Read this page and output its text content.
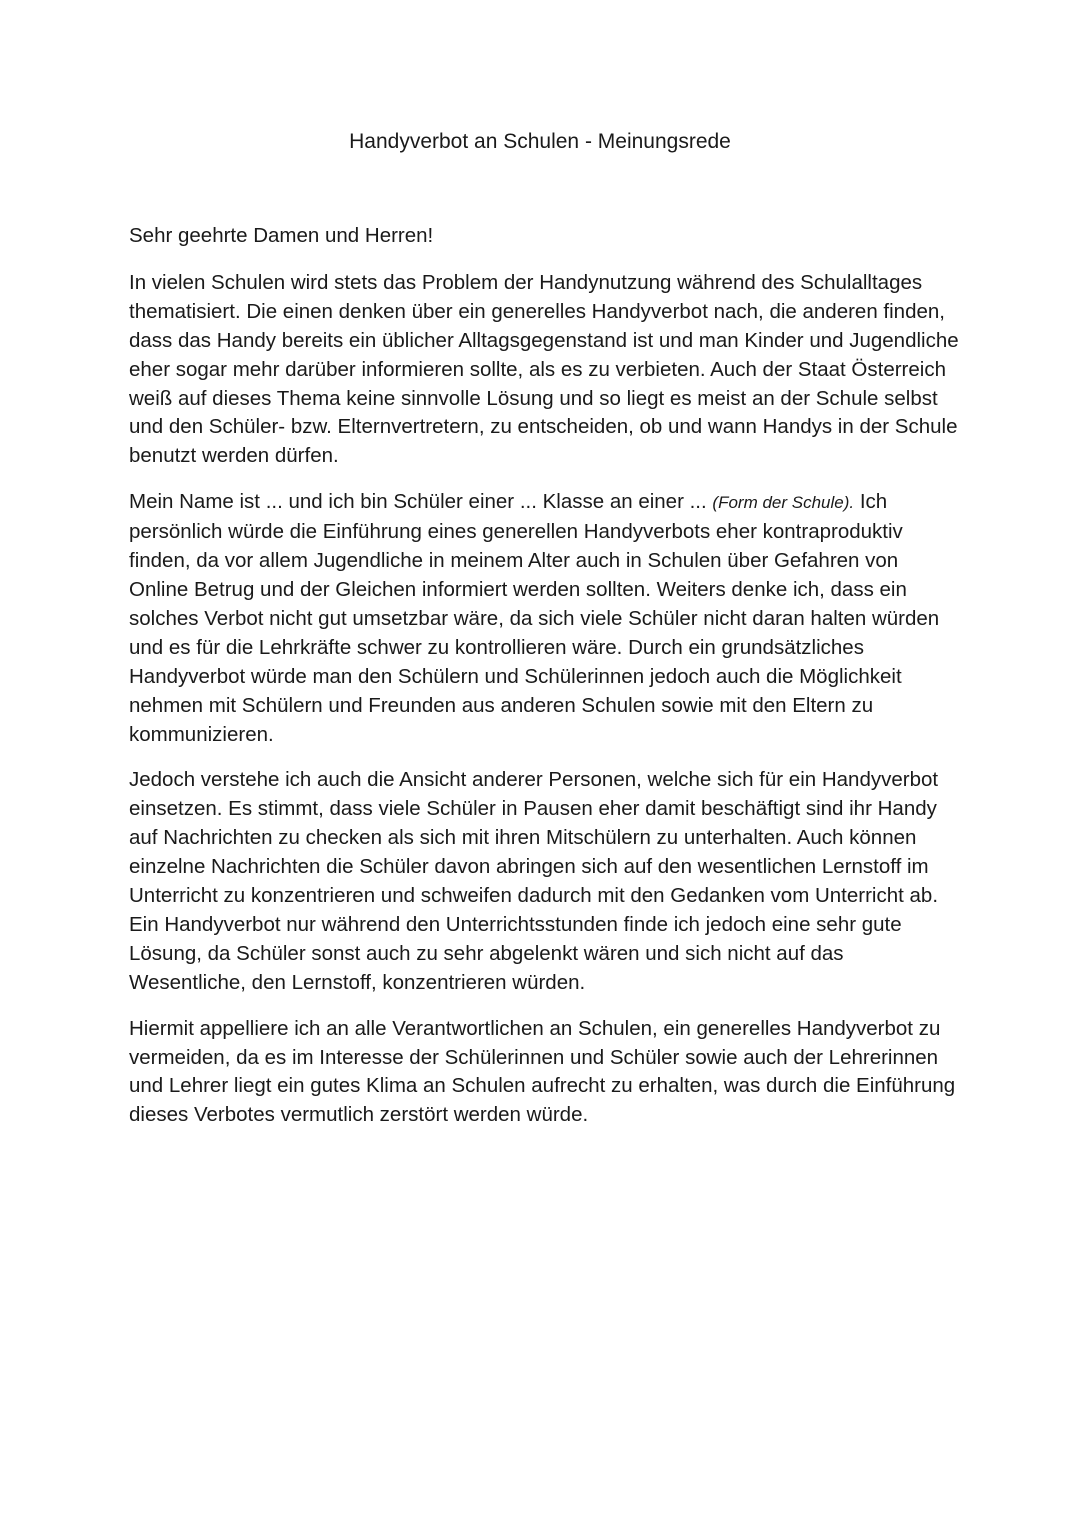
Handyverbot an Schulen - Meinungsrede

Sehr geehrte Damen und Herren!

In vielen Schulen wird stets das Problem der Handynutzung während des Schulalltages thematisiert. Die einen denken über ein generelles Handyverbot nach, die anderen finden, dass das Handy bereits ein üblicher Alltagsgegenstand ist und man Kinder und Jugendliche eher sogar mehr darüber informieren sollte, als es zu verbieten. Auch der Staat Österreich weiß auf dieses Thema keine sinnvolle Lösung und so liegt es meist an der Schule selbst und den Schüler- bzw. Elternvertretern, zu entscheiden, ob und wann Handys in der Schule benutzt werden dürfen.

Mein Name ist ... und ich bin Schüler einer ... Klasse an einer ... (Form der Schule). Ich persönlich würde die Einführung eines generellen Handyverbots eher kontraproduktiv finden, da vor allem Jugendliche in meinem Alter auch in Schulen über Gefahren von Online Betrug und der Gleichen informiert werden sollten. Weiters denke ich, dass ein solches Verbot nicht gut umsetzbar wäre, da sich viele Schüler nicht daran halten würden und es für die Lehrkräfte schwer zu kontrollieren wäre. Durch ein grundsätzliches Handyverbot würde man den Schülern und Schülerinnen jedoch auch die Möglichkeit nehmen mit Schülern und Freunden aus anderen Schulen sowie mit den Eltern zu kommunizieren.

Jedoch verstehe ich auch die Ansicht anderer Personen, welche sich für ein Handyverbot einsetzen. Es stimmt, dass viele Schüler in Pausen eher damit beschäftigt sind ihr Handy auf Nachrichten zu checken als sich mit ihren Mitschülern zu unterhalten. Auch können einzelne Nachrichten die Schüler davon abringen sich auf den wesentlichen Lernstoff im Unterricht zu konzentrieren und schweifen dadurch mit den Gedanken vom Unterricht ab. Ein Handyverbot nur während den Unterrichtsstunden finde ich jedoch eine sehr gute Lösung, da Schüler sonst auch zu sehr abgelenkt wären und sich nicht auf das Wesentliche, den Lernstoff, konzentrieren würden.

Hiermit appelliere ich an alle Verantwortlichen an Schulen, ein generelles Handyverbot zu vermeiden, da es im Interesse der Schülerinnen und Schüler sowie auch der Lehrerinnen und Lehrer liegt ein gutes Klima an Schulen aufrecht zu erhalten, was durch die Einführung dieses Verbotes vermutlich zerstört werden würde.
